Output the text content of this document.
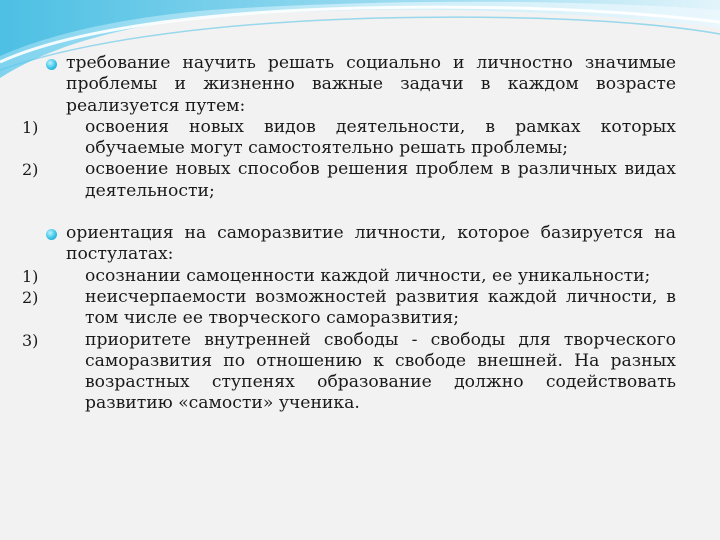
требование научить решать социально и личностно значимые проблемы и жизненно важные задачи в каждом возрасте реализуется путем:
1)	освоения новых видов деятельности, в рамках которых обучаемые могут самостоятельно решать проблемы;
2)	освоение новых способов решения проблем в различных видах деятельности;
ориентация на саморазвитие личности, которое базируется на постулатах:
1)	осознании самоценности каждой личности, ее уникальности;
2)	неисчерпаемости возможностей развития каждой личности, в том числе ее творческого саморазвития;
3)	приоритете внутренней свободы - свободы для творческого саморазвития по отношению к свободе внешней. На разных возрастных ступенях образование должно содействовать развитию «самости» ученика.
